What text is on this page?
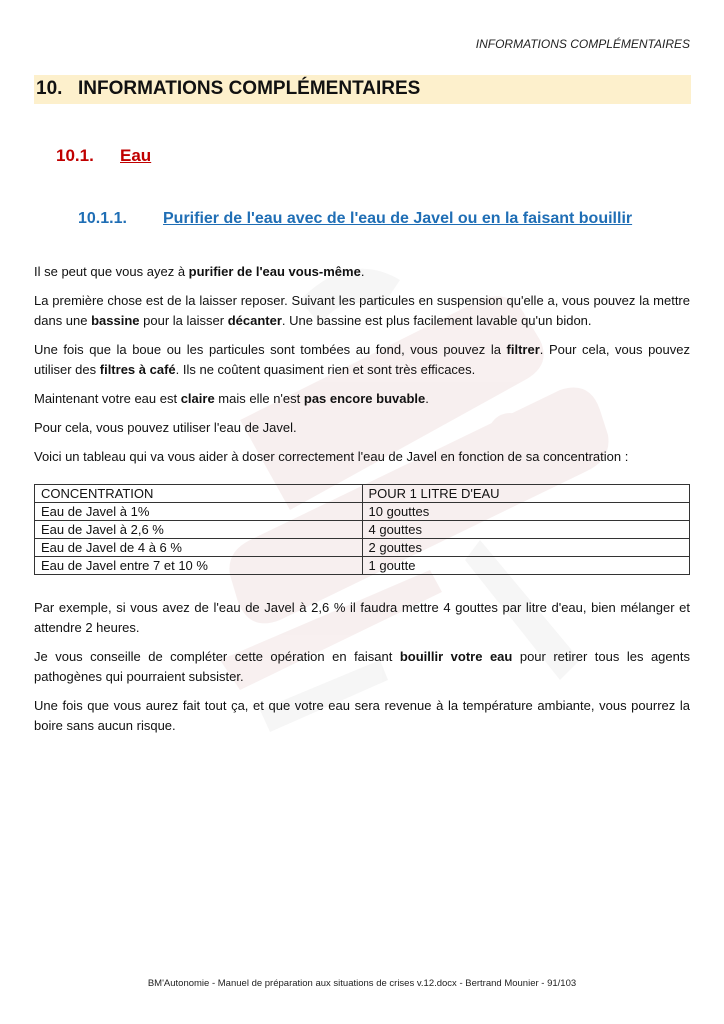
INFORMATIONS COMPLÉMENTAIRES
10. INFORMATIONS COMPLÉMENTAIRES
10.1. Eau
10.1.1. Purifier de l'eau avec de l'eau de Javel ou en la faisant bouillir

Il se peut que vous ayez à purifier de l'eau vous-même.

La première chose est de la laisser reposer. Suivant les particules en suspension qu'elle a, vous pouvez la mettre dans une bassine pour la laisser décanter. Une bassine est plus facilement lavable qu'un bidon.

Une fois que la boue ou les particules sont tombées au fond, vous pouvez la filtrer. Pour cela, vous pouvez utiliser des filtres à café. Ils ne coûtent quasiment rien et sont très efficaces.

Maintenant votre eau est claire mais elle n'est pas encore buvable.

Pour cela, vous pouvez utiliser l'eau de Javel.

Voici un tableau qui va vous aider à doser correctement l'eau de Javel en fonction de sa concentration :

CONCENTRATION	POUR 1 LITRE D'EAU
Eau de Javel à 1%	10 gouttes
Eau de Javel à 2,6 %	4 gouttes
Eau de Javel de 4 à 6 %	2 gouttes
Eau de Javel entre 7 et 10 %	1 goutte

Par exemple, si vous avez de l'eau de Javel à 2,6 % il faudra mettre 4 gouttes par litre d'eau, bien mélanger et attendre 2 heures.

Je vous conseille de compléter cette opération en faisant bouillir votre eau pour retirer tous les agents pathogènes qui pourraient subsister.

Une fois que vous aurez fait tout ça, et que votre eau sera revenue à la température ambiante, vous pourrez la boire sans aucun risque.

BM'Autonomie - Manuel de préparation aux situations de crises v.12.docx - Bertrand Mounier - 91/103
